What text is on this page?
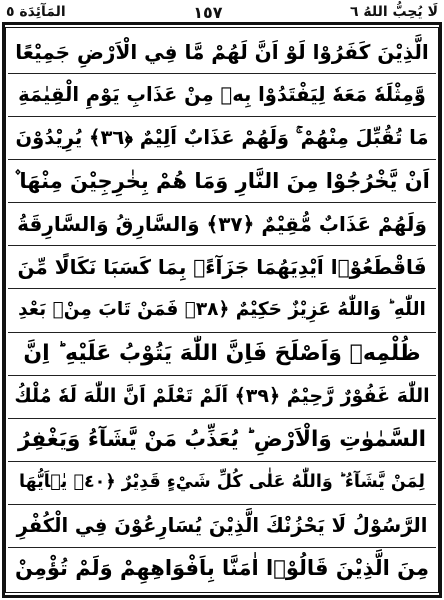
لَا يُحِبُّ اللهُ ٦
١٥٧
المَآئِدَة ٥
الَّذِيْنَ كَفَرُوْا لَوْ اَنَّ لَهُمْ مَّا فِي الْاَرْضِ جَمِيْعًا
وَّمِثْلَهٗ مَعَهٗ لِيَفْتَدُوْا بِهٖ مِنْ عَذَابِ يَوْمِ الْقِيٰمَةِ
مَا تُقُبِّلَ مِنْهُمْ ۚ وَلَهُمْ عَذَابٌ اَلِيْمٌ ﴿٣٦﴾ يُرِيْدُوْنَ
اَنْ يَّخْرُجُوْا مِنَ النَّارِ وَمَا هُمْ بِخٰرِجِيْنَ مِنْهَا ۫
وَلَهُمْ عَذَابٌ مُّقِيْمٌ ﴿٣٧﴾ وَالسَّارِقُ وَالسَّارِقَةُ
فَاقْطَعُوْۤا اَيْدِيَهُمَا جَزَآءًۢ بِمَا كَسَبَا نَكَالًا مِّنَ
اللّٰهِ ؕ وَاللّٰهُ عَزِيْزٌ حَكِيْمٌ ﴿٣٨﴾ فَمَنْ تَابَ مِنْۢ بَعْدِ
ظُلْمِهٖ وَاَصْلَحَ فَاِنَّ اللّٰهَ يَتُوْبُ عَلَيْهِ ؕ اِنَّ
اللّٰهَ غَفُوْرٌ رَّحِيْمٌ ﴿٣٩﴾ اَلَمْ تَعْلَمْ اَنَّ اللّٰهَ لَهٗ مُلْكُ
السَّمٰوٰتِ وَالْاَرْضِ ؕ يُعَذِّبُ مَنْ يَّشَآءُ وَيَغْفِرُ
لِمَنْ يَّشَآءُ ؕ وَاللّٰهُ عَلٰى كُلِّ شَيْءٍ قَدِيْرٌ ﴿٤٠﴾ يٰۤاَيُّهَا
الرَّسُوْلُ لَا يَحْزُنْكَ الَّذِيْنَ يُسَارِعُوْنَ فِي الْكُفْرِ
مِنَ الَّذِيْنَ قَالُوْۤا اٰمَنَّا بِاَفْوَاهِهِمْ وَلَمْ تُؤْمِنْ
